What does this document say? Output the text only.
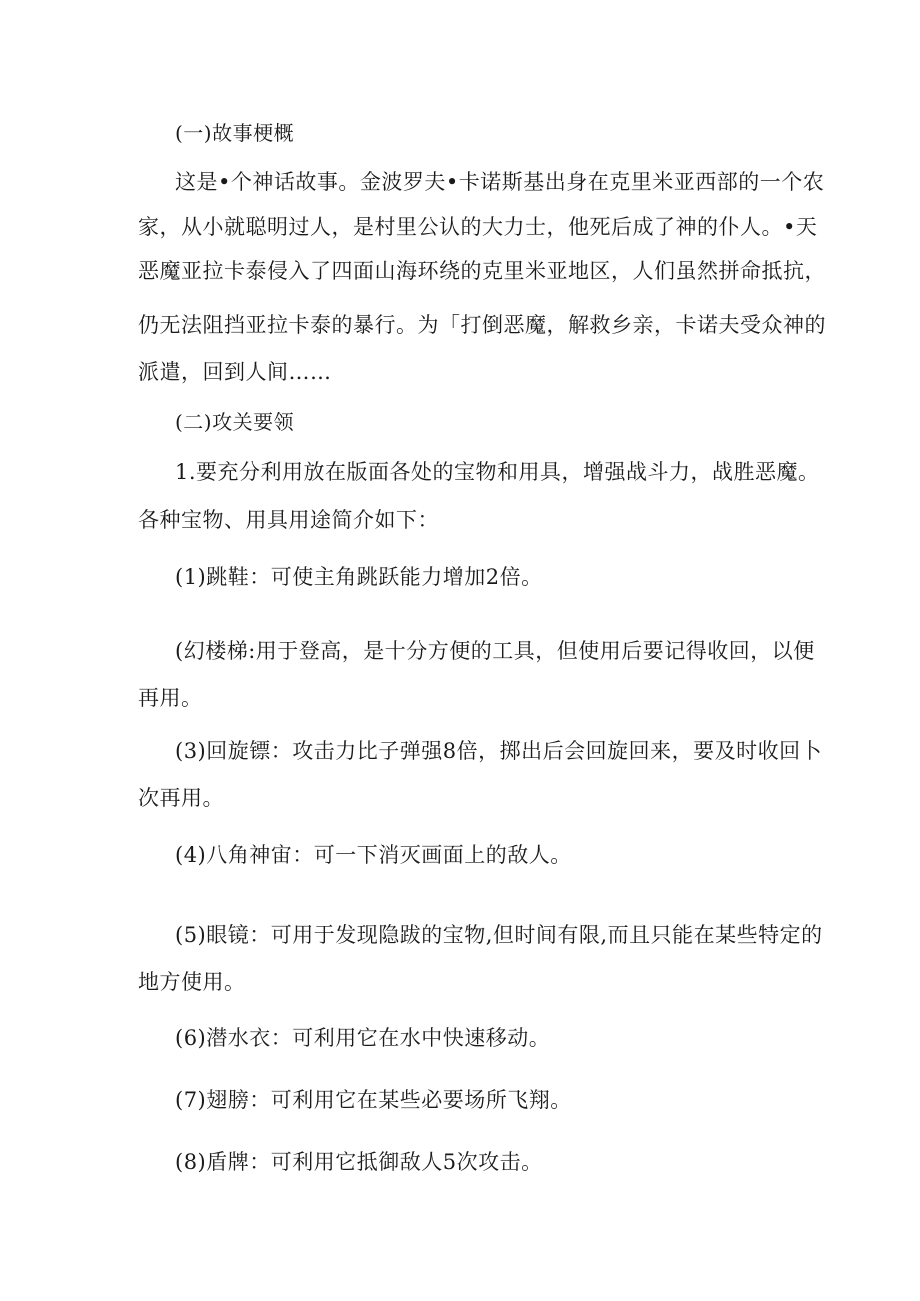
(一)故事梗概

这是•个神话故事。金波罗夫•卡诺斯基出身在克里米亚西部的一个农

家，从小就聪明过人，是村里公认的大力士，他死后成了神的仆人。•天

恶魔亚拉卡泰侵入了四面山海环绕的克里米亚地区，人们虽然拼命抵抗，

仍无法阻挡亚拉卡泰的暴行。为「打倒恶魔，解救乡亲，卡诺夫受众神的

派遣，回到人间……

(二)攻关要领

1.要充分利用放在版面各处的宝物和用具，增强战斗力，战胜恶魔。

各种宝物、用具用途简介如下：

(1)跳鞋：可使主角跳跃能力增加2倍。

(幻楼梯:用于登高，是十分方便的工具，但使用后要记得收回，以便

再用。

(3)回旋镖：攻击力比子弹强8倍，掷出后会回旋回来，要及时收回卜

次再用。

(4)八角神宙：可一下消灭画面上的敌人。

(5)眼镜：可用于发现隐跋的宝物,但时间有限,而且只能在某些特定的

地方使用。

(6)潜水衣：可利用它在水中快速移动。

(7)翅膀：可利用它在某些必要场所飞翔。

(8)盾牌：可利用它抵御敌人5次攻击。
